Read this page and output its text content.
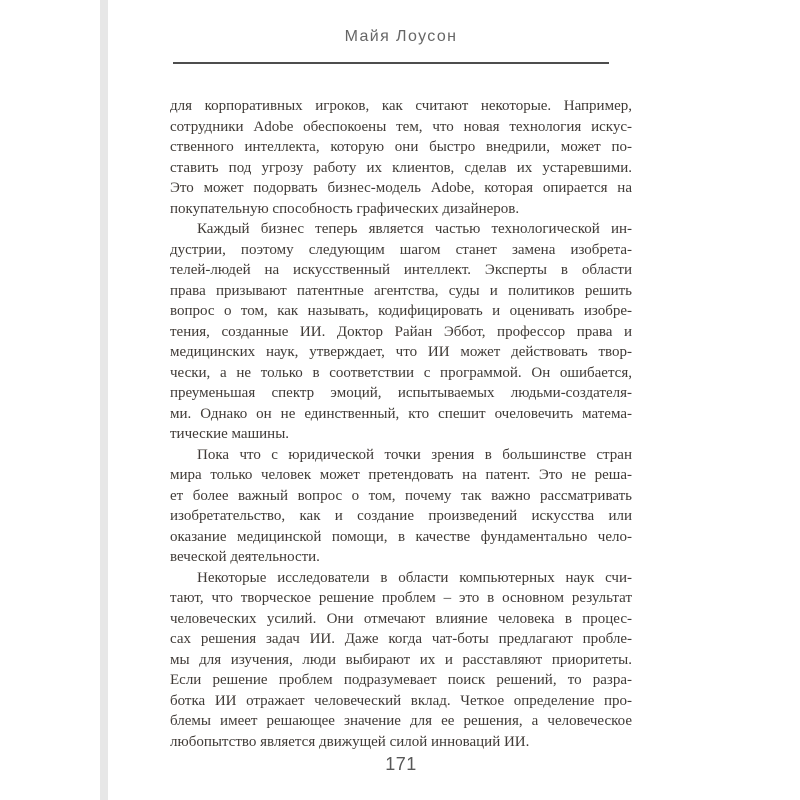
Майя Лоусон
для корпоративных игроков, как считают некоторые. Например,
сотрудники Adobe обеспокоены тем, что новая технология искус-
ственного интеллекта, которую они быстро внедрили, может по-
ставить под угрозу работу их клиентов, сделав их устаревшими.
Это может подорвать бизнес-модель Adobe, которая опирается на
покупательную способность графических дизайнеров.
Каждый бизнес теперь является частью технологической ин-
дустрии, поэтому следующим шагом станет замена изобрета-
телей-людей на искусственный интеллект. Эксперты в области
права призывают патентные агентства, суды и политиков решить
вопрос о том, как называть, кодифицировать и оценивать изобре-
тения, созданные ИИ. Доктор Райан Эббот, профессор права и
медицинских наук, утверждает, что ИИ может действовать твор-
чески, а не только в соответствии с программой. Он ошибается,
преуменьшая спектр эмоций, испытываемых людьми-создателя-
ми. Однако он не единственный, кто спешит очеловечить матема-
тические машины.
Пока что с юридической точки зрения в большинстве стран
мира только человек может претендовать на патент. Это не реша-
ет более важный вопрос о том, почему так важно рассматривать
изобретательство, как и создание произведений искусства или
оказание медицинской помощи, в качестве фундаментально чело-
веческой деятельности.
Некоторые исследователи в области компьютерных наук счи-
тают, что творческое решение проблем – это в основном результат
человеческих усилий. Они отмечают влияние человека в процес-
сах решения задач ИИ. Даже когда чат-боты предлагают пробле-
мы для изучения, люди выбирают их и расставляют приоритеты.
Если решение проблем подразумевает поиск решений, то разра-
ботка ИИ отражает человеческий вклад. Четкое определение про-
блемы имеет решающее значение для ее решения, а человеческое
любопытство является движущей силой инноваций ИИ.
171
